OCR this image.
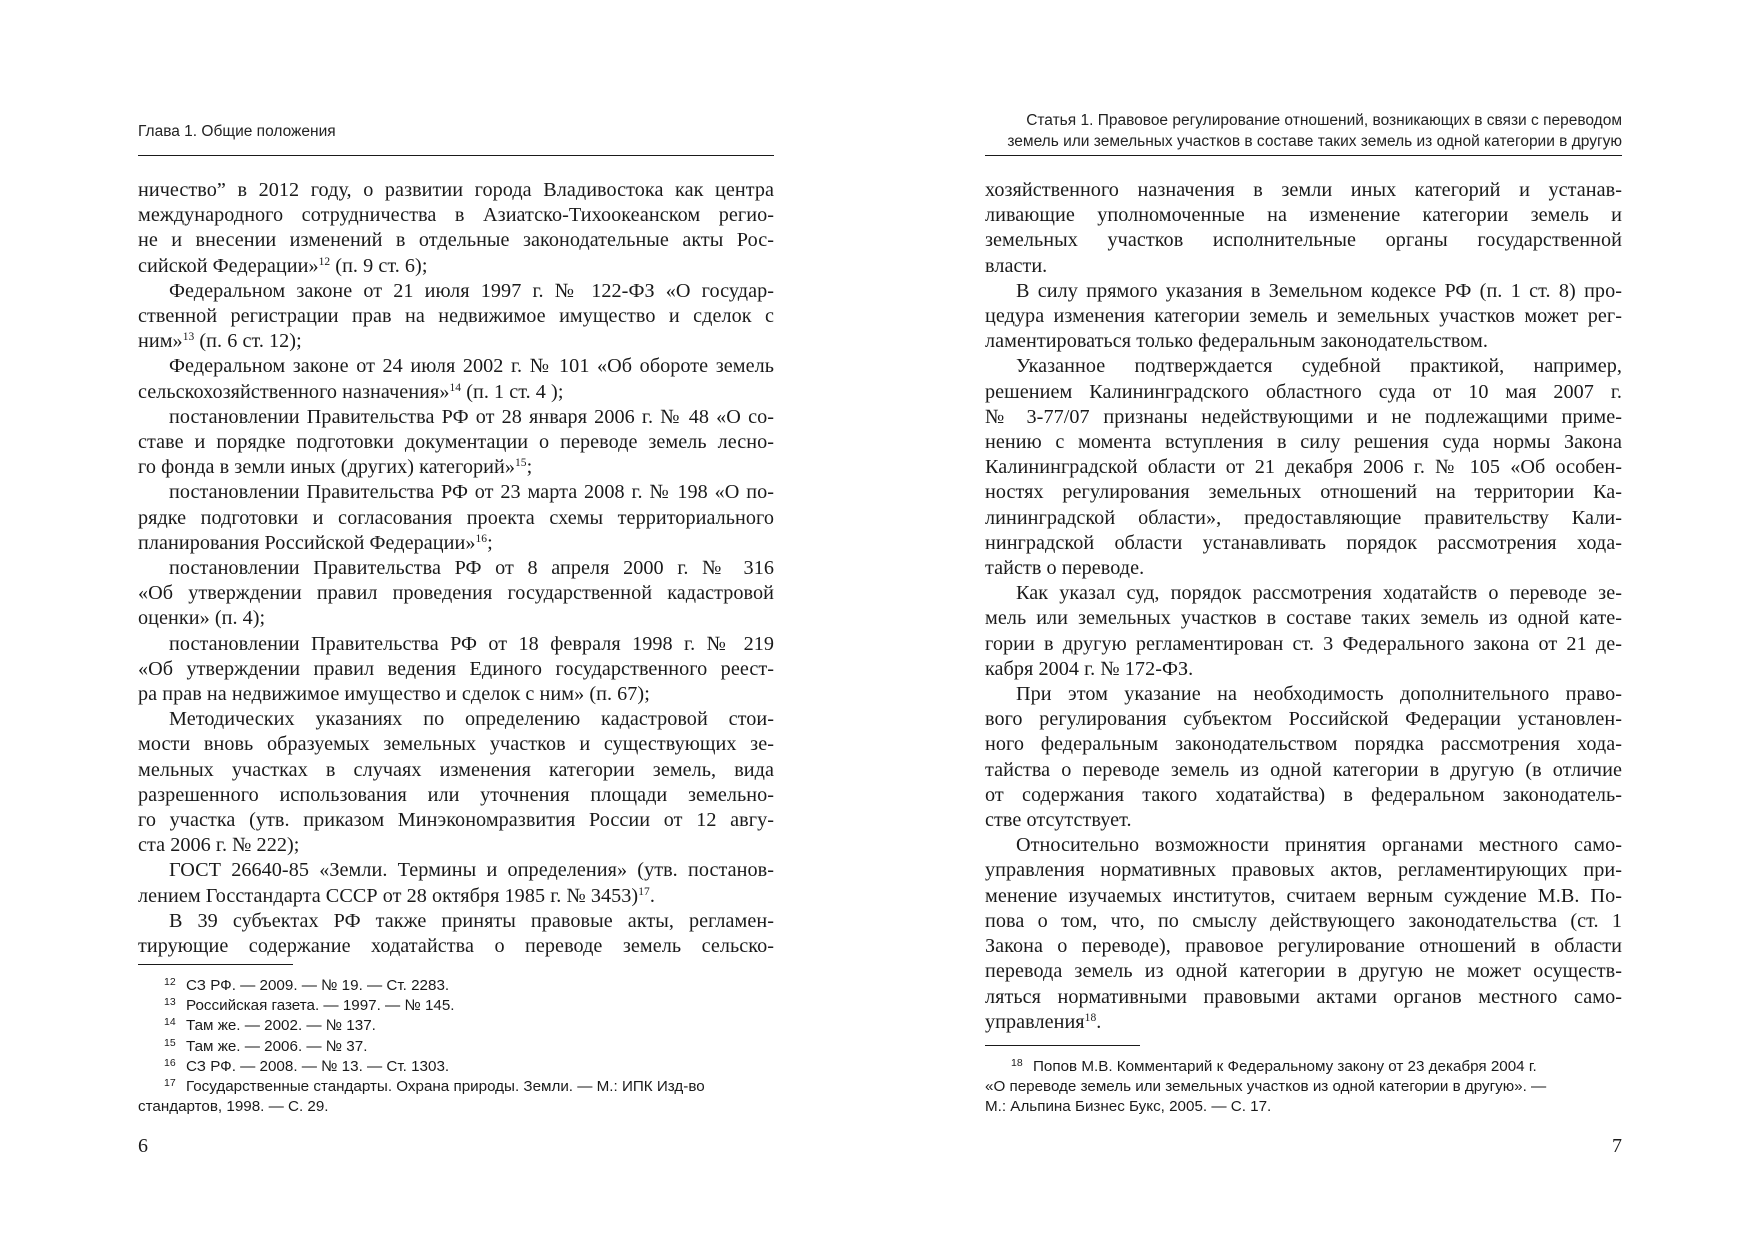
Глава 1. Общие положения
ничество” в 2012 году, о развитии города Владивостока как центра
международного сотрудничества в Азиатско-Тихоокеанском регио-
не и внесении изменений в отдельные законодательные акты Рос-
сийской Федерации»$^{12}$ (п. 9 ст. 6);
Федеральном законе от 21 июля 1997 г. № 122-ФЗ «О государ-
ственной регистрации прав на недвижимое имущество и сделок с
ним»$^{13}$ (п. 6 ст. 12);
Федеральном законе от 24 июля 2002 г. № 101 «Об обороте земель
сельскохозяйственного назначения»$^{14}$ (п. 1 ст. 4 );
постановлении Правительства РФ от 28 января 2006 г. № 48 «О со-
ставе и порядке подготовки документации о переводе земель лесно-
го фонда в земли иных (других) категорий»$^{15}$;
постановлении Правительства РФ от 23 марта 2008 г. № 198 «О по-
рядке подготовки и согласования проекта схемы территориального
планирования Российской Федерации»$^{16}$;
постановлении Правительства РФ от 8 апреля 2000 г. № 316
«Об утверждении правил проведения государственной кадастровой
оценки» (п. 4);
постановлении Правительства РФ от 18 февраля 1998 г. № 219
«Об утверждении правил ведения Единого государственного реест-
ра прав на недвижимое имущество и сделок с ним» (п. 67);
Методических указаниях по определению кадастровой стои-
мости вновь образуемых земельных участков и существующих зе-
мельных участках в случаях изменения категории земель, вида
разрешенного использования или уточнения площади земельно-
го участка (утв. приказом Минэкономразвития России от 12 авгу-
ста 2006 г. № 222);
ГОСТ 26640-85 «Земли. Термины и определения» (утв. постанов-
лением Госстандарта СССР от 28 октября 1985 г. № 3453)$^{17}$.
В 39 субъектах РФ также приняты правовые акты, регламен-
тирующие содержание ходатайства о переводе земель сельско-
12 СЗ РФ. — 2009. — № 19. — Ст. 2283.
13 Российская газета. — 1997. — № 145.
14 Там же. — 2002. — № 137.
15 Там же. — 2006. — № 37.
16 СЗ РФ. — 2008. — № 13. — Ст. 1303.
17 Государственные стандарты. Охрана природы. Земли. — М.: ИПК Изд-во
стандартов, 1998. — С. 29.
6
Статья 1. Правовое регулирование отношений, возникающих в связи с переводом
земель или земельных участков в составе таких земель из одной категории в другую
хозяйственного назначения в земли иных категорий и устанав-
ливающие уполномоченные на изменение категории земель и
земельных участков исполнительные органы государственной
власти.
В силу прямого указания в Земельном кодексе РФ (п. 1 ст. 8) про-
цедура изменения категории земель и земельных участков может рег-
ламентироваться только федеральным законодательством.
Указанное подтверждается судебной практикой, например,
решением Калининградского областного суда от 10 мая 2007 г.
№ 3-77/07 признаны недействующими и не подлежащими приме-
нению с момента вступления в силу решения суда нормы Закона
Калининградской области от 21 декабря 2006 г. № 105 «Об особен-
ностях регулирования земельных отношений на территории Ка-
лининградской области», предоставляющие правительству Кали-
нинградской области устанавливать порядок рассмотрения хода-
тайств о переводе.
Как указал суд, порядок рассмотрения ходатайств о переводе зе-
мель или земельных участков в составе таких земель из одной кате-
гории в другую регламентирован ст. 3 Федерального закона от 21 де-
кабря 2004 г. № 172-ФЗ.
При этом указание на необходимость дополнительного право-
вого регулирования субъектом Российской Федерации установлен-
ного федеральным законодательством порядка рассмотрения хода-
тайства о переводе земель из одной категории в другую (в отличие
от содержания такого ходатайства) в федеральном законодатель-
стве отсутствует.
Относительно возможности принятия органами местного само-
управления нормативных правовых актов, регламентирующих при-
менение изучаемых институтов, считаем верным суждение М.В. По-
пова о том, что, по смыслу действующего законодательства (ст. 1
Закона о переводе), правовое регулирование отношений в области
перевода земель из одной категории в другую не может осуществ-
ляться нормативными правовыми актами органов местного само-
управления$^{18}$.
18 Попов М.В. Комментарий к Федеральному закону от 23 декабря 2004 г.
«О переводе земель или земельных участков из одной категории в другую». —
М.: Альпина Бизнес Букс, 2005. — С. 17.
7
